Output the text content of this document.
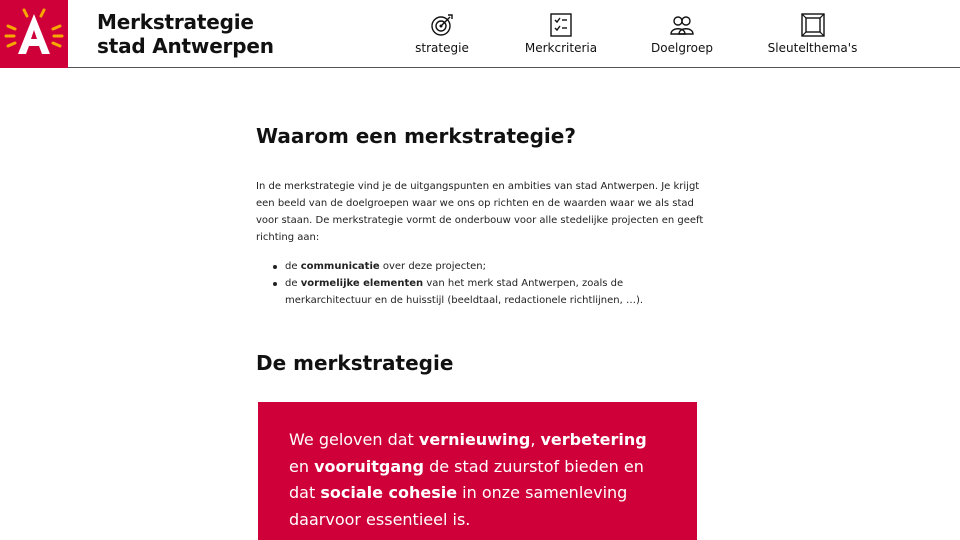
Merkstrategie
stad Antwerpen	strategie	Merkcriteria	Doelgroep	Sleutelthema's
Waarom een merkstrategie?

In de merkstrategie vind je de uitgangspunten en ambities van stad Antwerpen. Je krijgt een beeld van de doelgroepen waar we ons op richten en de waarden waar we als stad voor staan. De merkstrategie vormt de onderbouw voor alle stedelijke projecten en geeft richting aan:

de communicatie over deze projecten;
de vormelijke elementen van het merk stad Antwerpen, zoals de merkarchitectuur en de huisstijl (beeldtaal, redactionele richtlijnen, …).
De merkstrategie

We geloven dat vernieuwing, verbetering en vooruitgang de stad zuurstof bieden en dat sociale cohesie in onze samenleving daarvoor essentieel is.
